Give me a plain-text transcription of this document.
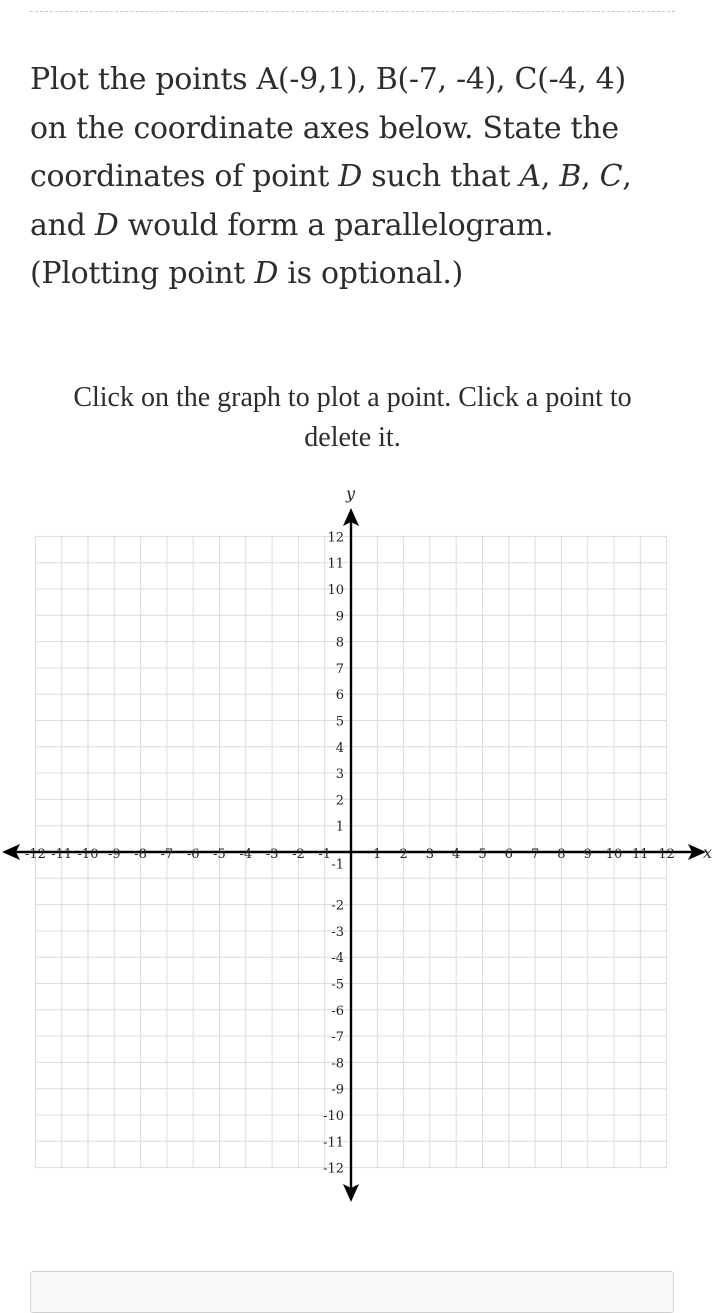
Plot the points A(-9,1), B(-7, -4), C(-4, 4)
on the coordinate axes below. State the
coordinates of point D such that A, B, C,
and D would form a parallelogram.
(Plotting point D is optional.)
Click on the graph to plot a point. Click a point to
delete it.
x
y
-12 -11 -10 -9 -8 -7 -6 -5 -4 -3 -2 -1	1 2 3 4 5 6 7 8 9 10 11 12
-12
-11
-10
-9
-8
-7
-6
-5
-4
-3
-2
-1
1
2
3
4
5
6
7
8
9
10
11
12
